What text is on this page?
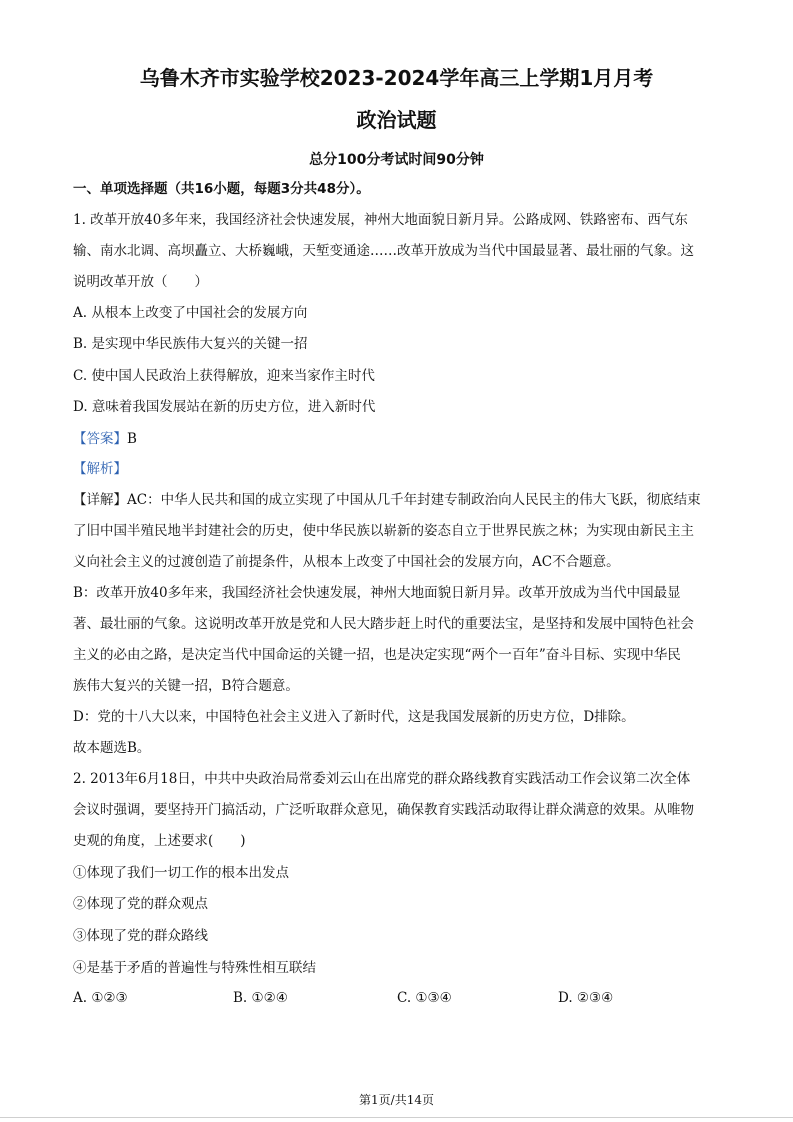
乌鲁木齐市实验学校2023-2024学年高三上学期1月月考
政治试题
总分100分考试时间90分钟
一、单项选择题（共16小题，每题3分共48分）。
1. 改革开放40多年来，我国经济社会快速发展，神州大地面貌日新月异。公路成网、铁路密布、西气东
输、南水北调、高坝矗立、大桥巍峨，天堑变通途……改革开放成为当代中国最显著、最壮丽的气象。这
说明改革开放（　　）
A. 从根本上改变了中国社会的发展方向
B. 是实现中华民族伟大复兴的关键一招
C. 使中国人民政治上获得解放，迎来当家作主时代
D. 意味着我国发展站在新的历史方位，进入新时代
【答案】B
【解析】
【详解】AC：中华人民共和国的成立实现了中国从几千年封建专制政治向人民民主的伟大飞跃，彻底结束
了旧中国半殖民地半封建社会的历史，使中华民族以崭新的姿态自立于世界民族之林；为实现由新民主主
义向社会主义的过渡创造了前提条件，从根本上改变了中国社会的发展方向，AC不合题意。
B：改革开放40多年来，我国经济社会快速发展，神州大地面貌日新月异。改革开放成为当代中国最显
著、最壮丽的气象。这说明改革开放是党和人民大踏步赶上时代的重要法宝，是坚持和发展中国特色社会
主义的必由之路，是决定当代中国命运的关键一招，也是决定实现“两个一百年”奋斗目标、实现中华民
族伟大复兴的关键一招，B符合题意。
D：党的十八大以来，中国特色社会主义进入了新时代，这是我国发展新的历史方位，D排除。
故本题选B。
2. 2013年6月18日，中共中央政治局常委刘云山在出席党的群众路线教育实践活动工作会议第二次全体
会议时强调，要坚持开门搞活动，广泛听取群众意见，确保教育实践活动取得让群众满意的效果。从唯物
史观的角度，上述要求(　　)
①体现了我们一切工作的根本出发点
②体现了党的群众观点
③体现了党的群众路线
④是基于矛盾的普遍性与特殊性相互联结
A. ①②③	B. ①②④	C. ①③④	D. ②③④
第1页/共14页
